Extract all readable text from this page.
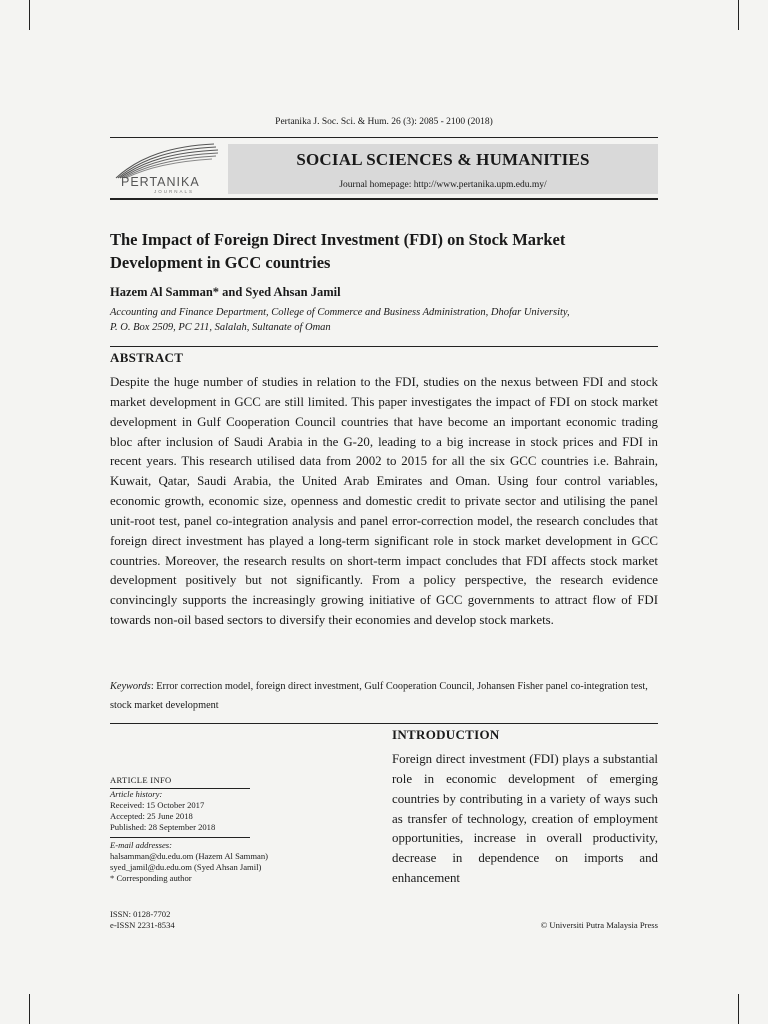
Pertanika J. Soc. Sci. & Hum. 26 (3): 2085 - 2100 (2018)
PERTANIKA
JOURNALS
SOCIAL SCIENCES & HUMANITIES
Journal homepage: http://www.pertanika.upm.edu.my/
The Impact of Foreign Direct Investment (FDI) on Stock Market
Development in GCC countries
Hazem Al Samman* and Syed Ahsan Jamil
Accounting and Finance Department, College of Commerce and Business Administration, Dhofar University,
P. O. Box 2509, PC 211, Salalah, Sultanate of Oman
ABSTRACT
Despite the huge number of studies in relation to the FDI, studies on the nexus between FDI and stock market development in GCC are still limited. This paper investigates the impact of FDI on stock market development in Gulf Cooperation Council countries that have become an important economic trading bloc after inclusion of Saudi Arabia in the G-20, leading to a big increase in stock prices and FDI in recent years. This research utilised data from 2002 to 2015 for all the six GCC countries i.e. Bahrain, Kuwait, Qatar, Saudi Arabia, the United Arab Emirates and Oman. Using four control variables, economic growth, economic size, openness and domestic credit to private sector and utilising the panel unit-root test, panel co-integration analysis and panel error-correction model, the research concludes that foreign direct investment has played a long-term significant role in stock market development in GCC countries. Moreover, the research results on short-term impact concludes that FDI affects stock market development positively but not significantly. From a policy perspective, the research evidence convincingly supports the increasingly growing initiative of GCC governments to attract flow of FDI towards non-oil based sectors to diversify their economies and develop stock markets.
Keywords: Error correction model, foreign direct investment, Gulf Cooperation Council, Johansen Fisher panel co-integration test, stock market development
INTRODUCTION
Foreign direct investment (FDI) plays a substantial role in economic development of emerging countries by contributing in a variety of ways such as transfer of technology, creation of employment opportunities, increase in overall productivity, decrease in dependence on imports and enhancement
ARTICLE INFO
Article history:
Received: 15 October 2017
Accepted: 25 June 2018
Published: 28 September 2018
E-mail addresses:
halsamman@du.edu.om (Hazem Al Samman)
syed_jamil@du.edu.om (Syed Ahsan Jamil)
* Corresponding author
ISSN: 0128-7702
e-ISSN 2231-8534	© Universiti Putra Malaysia Press
